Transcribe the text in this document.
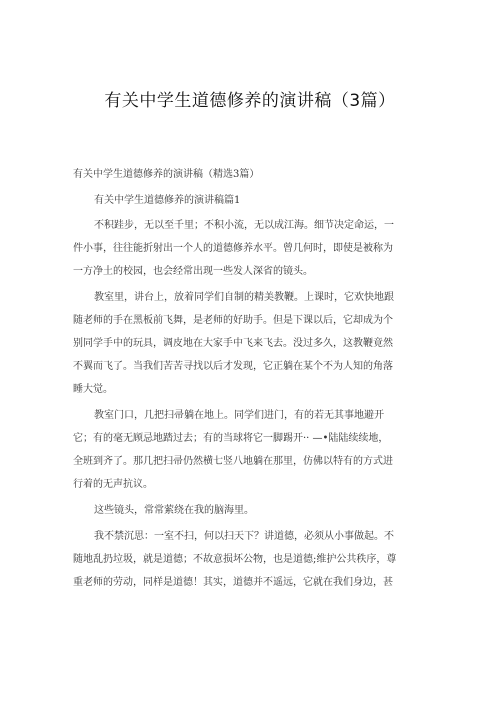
有关中学生道德修养的演讲稿（3篇）
有关中学生道德修养的演讲稿（精选3篇）
有关中学生道德修养的演讲稿篇1
不积跬步，无以至千里；不积小流，无以成江海。细节决定命运，一
件小事，往往能折射出一个人的道德修养水平。曾几何时，即使是被称为
一方净土的校园，也会经常出现一些发人深省的镜头。
教室里，讲台上，放着同学们自制的精美教鞭。上课时，它欢快地跟
随老师的手在黑板前飞舞，是老师的好助手。但是下课以后，它却成为个
别同学手中的玩具，调皮地在大家手中飞来飞去。没过多久，这教鞭竟然
不翼而飞了。当我们苦苦寻找以后才发现，它正躺在某个不为人知的角落
睡大觉。
教室门口，几把扫帚躺在地上。同学们进门，有的若无其事地避开
它；有的毫无顾忌地踏过去；有的当球将它一脚踢开·· —•陆陆续续地，
全班到齐了。那几把扫帚仍然横七竖八地躺在那里，仿佛以特有的方式进
行着的无声抗议。
这些镜头，常常萦绕在我的脑海里。
我不禁沉思：一室不扫，何以扫天下？讲道德，必须从小事做起。不
随地乱扔垃圾，就是道德；不故意损坏公物，也是道德;维护公共秩序，尊
重老师的劳动，同样是道德！其实，道德并不遥远，它就在我们身边，甚
